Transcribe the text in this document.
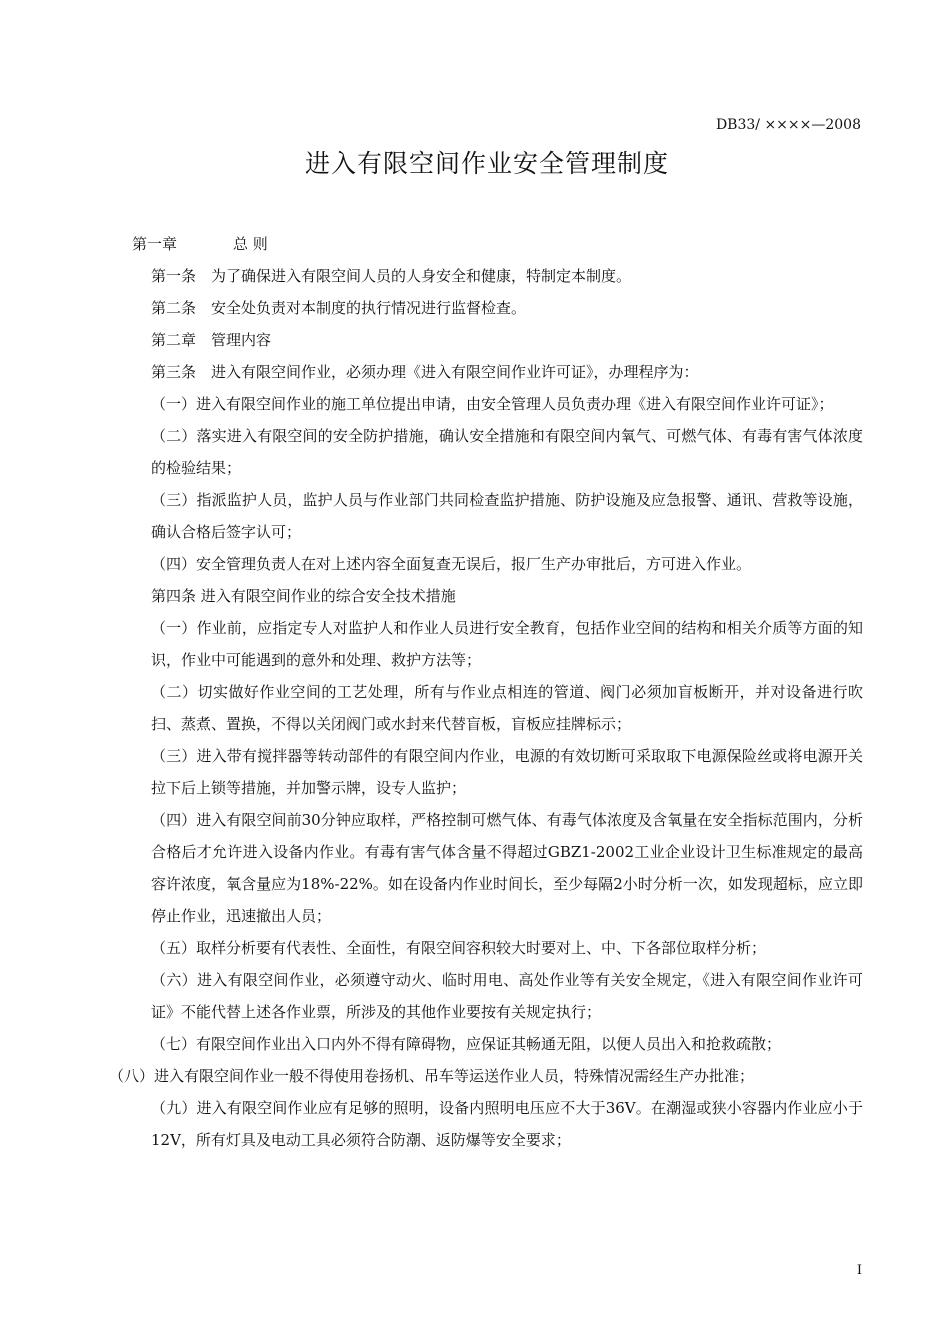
DB33/ ××××—2008
进入有限空间作业安全管理制度

第一章	总 则

第一条　为了确保进入有限空间人员的人身安全和健康，特制定本制度。

第二条　安全处负责对本制度的执行情况进行监督检查。

第二章　管理内容

第三条　进入有限空间作业，必须办理《进入有限空间作业许可证》，办理程序为：

（一）进入有限空间作业的施工单位提出申请，由安全管理人员负责办理《进入有限空间作业许可证》；

（二）落实进入有限空间的安全防护措施，确认安全措施和有限空间内氧气、可燃气体、有毒有害气体浓度的检验结果；

（三）指派监护人员，监护人员与作业部门共同检查监护措施、防护设施及应急报警、通讯、营救等设施，确认合格后签字认可；

（四）安全管理负责人在对上述内容全面复查无误后，报厂生产办审批后，方可进入作业。

第四条 进入有限空间作业的综合安全技术措施

（一）作业前，应指定专人对监护人和作业人员进行安全教育，包括作业空间的结构和相关介质等方面的知识，作业中可能遇到的意外和处理、救护方法等；

（二）切实做好作业空间的工艺处理，所有与作业点相连的管道、阀门必须加盲板断开，并对设备进行吹扫、蒸煮、置换，不得以关闭阀门或水封来代替盲板，盲板应挂牌标示；

（三）进入带有搅拌器等转动部件的有限空间内作业，电源的有效切断可采取取下电源保险丝或将电源开关拉下后上锁等措施，并加警示牌，设专人监护；

（四）进入有限空间前30分钟应取样，严格控制可燃气体、有毒气体浓度及含氧量在安全指标范围内，分析合格后才允许进入设备内作业。有毒有害气体含量不得超过GBZ1-2002工业企业设计卫生标准规定的最高容许浓度，氧含量应为18%-22%。如在设备内作业时间长，至少每隔2小时分析一次，如发现超标，应立即停止作业，迅速撤出人员；

（五）取样分析要有代表性、全面性，有限空间容积较大时要对上、中、下各部位取样分析；

（六）进入有限空间作业，必须遵守动火、临时用电、高处作业等有关安全规定，《进入有限空间作业许可证》不能代替上述各作业票，所涉及的其他作业要按有关规定执行；

（七）有限空间作业出入口内外不得有障碍物，应保证其畅通无阻，以便人员出入和抢救疏散；

（八）进入有限空间作业一般不得使用卷扬机、吊车等运送作业人员，特殊情况需经生产办批准；

（九）进入有限空间作业应有足够的照明，设备内照明电压应不大于36V。在潮湿或狭小容器内作业应小于12V，所有灯具及电动工具必须符合防潮、返防爆等安全要求；

I
